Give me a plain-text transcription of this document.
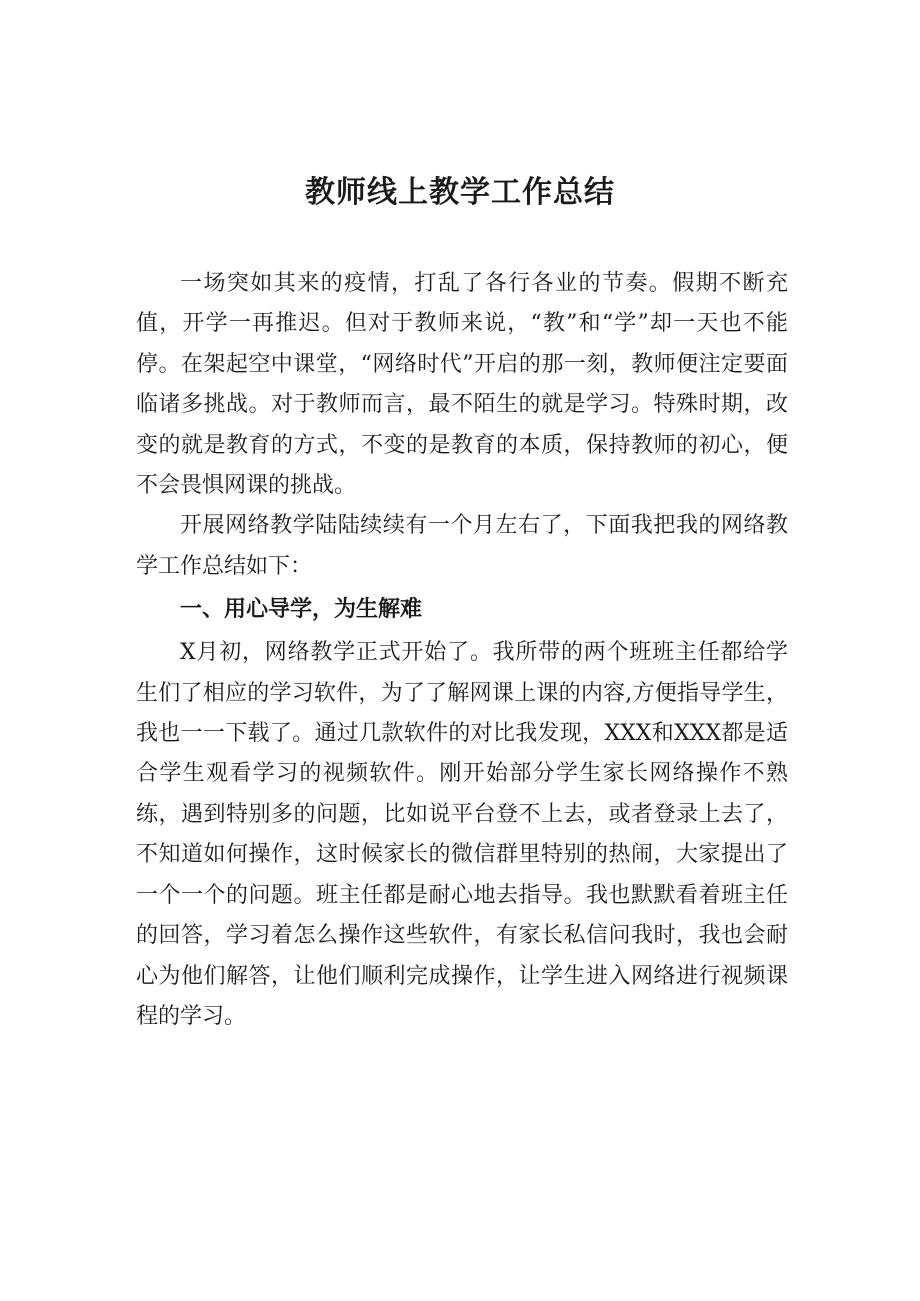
教师线上教学工作总结

一场突如其来的疫情，打乱了各行各业的节奏。假期不断充值，开学一再推迟。但对于教师来说，“教”和“学”却一天也不能停。在架起空中课堂，“网络时代”开启的那一刻，教师便注定要面临诸多挑战。对于教师而言，最不陌生的就是学习。特殊时期，改变的就是教育的方式，不变的是教育的本质，保持教师的初心，便不会畏惧网课的挑战。

开展网络教学陆陆续续有一个月左右了，下面我把我的网络教学工作总结如下：

一、用心导学，为生解难

X月初，网络教学正式开始了。我所带的两个班班主任都给学生们了相应的学习软件，为了了解网课上课的内容,方便指导学生，我也一一下载了。通过几款软件的对比我发现，XXX和XXX都是适合学生观看学习的视频软件。刚开始部分学生家长网络操作不熟练，遇到特别多的问题，比如说平台登不上去，或者登录上去了，不知道如何操作，这时候家长的微信群里特别的热闹，大家提出了一个一个的问题。班主任都是耐心地去指导。我也默默看着班主任的回答，学习着怎么操作这些软件，有家长私信问我时，我也会耐心为他们解答，让他们顺利完成操作，让学生进入网络进行视频课程的学习。
